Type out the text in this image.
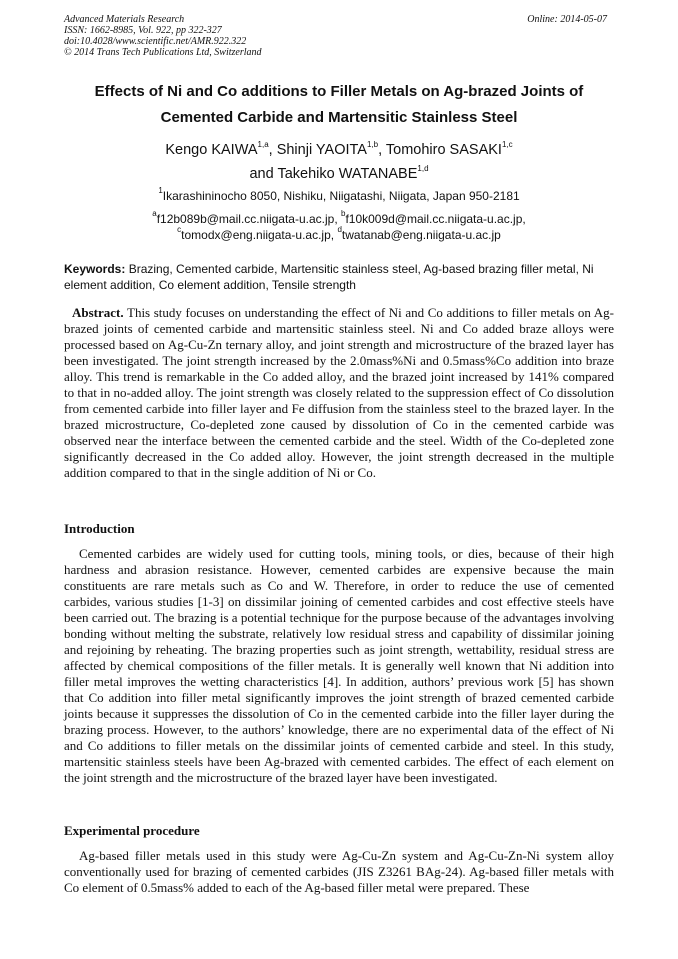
Advanced Materials Research
ISSN: 1662-8985, Vol. 922, pp 322-327
doi:10.4028/www.scientific.net/AMR.922.322
© 2014 Trans Tech Publications Ltd, Switzerland
Online: 2014-05-07
Effects of Ni and Co additions to Filler Metals on Ag-brazed Joints of
Cemented Carbide and Martensitic Stainless Steel
Kengo KAIWA$^{1,a}$, Shinji YAOITA$^{1,b}$, Tomohiro SASAKI$^{1,c}$
and Takehiko WATANABE$^{1,d}$
$^1$Ikarashininocho 8050, Nishiku, Niigatashi, Niigata, Japan 950-2181
$^a$f12b089b@mail.cc.niigata-u.ac.jp, $^b$f10k009d@mail.cc.niigata-u.ac.jp,
$^c$tomodx@eng.niigata-u.ac.jp, $^d$twatanab@eng.niigata-u.ac.jp
Keywords: Brazing, Cemented carbide, Martensitic stainless steel, Ag-based brazing filler metal, Ni element addition, Co element addition, Tensile strength
Abstract. This study focuses on understanding the effect of Ni and Co additions to filler metals on Ag-brazed joints of cemented carbide and martensitic stainless steel. Ni and Co added braze alloys were processed based on Ag-Cu-Zn ternary alloy, and joint strength and microstructure of the brazed layer has been investigated. The joint strength increased by the 2.0mass%Ni and 0.5mass%Co addition into braze alloy. This trend is remarkable in the Co added alloy, and the brazed joint increased by 141% compared to that in no-added alloy. The joint strength was closely related to the suppression effect of Co dissolution from cemented carbide into filler layer and Fe diffusion from the stainless steel to the brazed layer. In the brazed microstructure, Co-depleted zone caused by dissolution of Co in the cemented carbide was observed near the interface between the cemented carbide and the steel. Width of the Co-depleted zone significantly decreased in the Co added alloy. However, the joint strength decreased in the multiple addition compared to that in the single addition of Ni or Co.
Introduction
Cemented carbides are widely used for cutting tools, mining tools, or dies, because of their high hardness and abrasion resistance. However, cemented carbides are expensive because the main constituents are rare metals such as Co and W. Therefore, in order to reduce the use of cemented carbides, various studies [1-3] on dissimilar joining of cemented carbides and cost effective steels have been carried out. The brazing is a potential technique for the purpose because of the advantages involving bonding without melting the substrate, relatively low residual stress and capability of dissimilar joining and rejoining by reheating. The brazing properties such as joint strength, wettability, residual stress are affected by chemical compositions of the filler metals. It is generally well known that Ni addition into filler metal improves the wetting characteristics [4]. In addition, authors’ previous work [5] has shown that Co addition into filler metal significantly improves the joint strength of brazed cemented carbide joints because it suppresses the dissolution of Co in the cemented carbide into the filler layer during the brazing process. However, to the authors’ knowledge, there are no experimental data of the effect of Ni and Co additions to filler metals on the dissimilar joints of cemented carbide and steel. In this study, martensitic stainless steels have been Ag-brazed with cemented carbides. The effect of each element on the joint strength and the microstructure of the brazed layer have been investigated.
Experimental procedure
Ag-based filler metals used in this study were Ag-Cu-Zn system and Ag-Cu-Zn-Ni system alloy conventionally used for brazing of cemented carbides (JIS Z3261 BAg-24). Ag-based filler metals with Co element of 0.5mass% added to each of the Ag-based filler metal were prepared. These
